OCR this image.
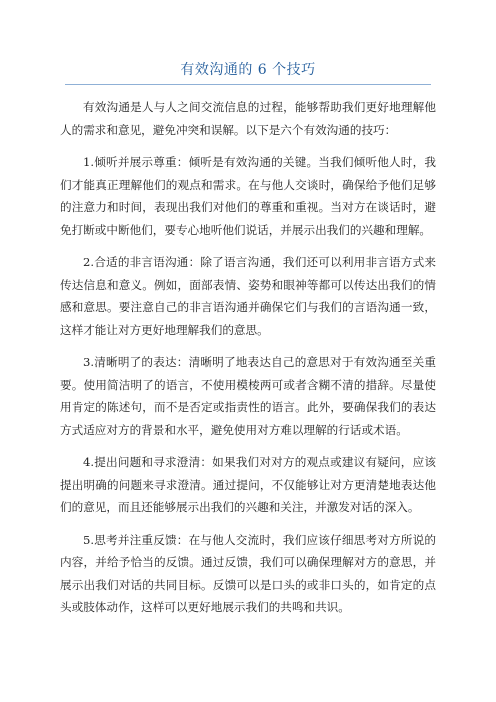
有效沟通的 6 个技巧

有效沟通是人与人之间交流信息的过程，能够帮助我们更好地理解他人的需求和意见，避免冲突和误解。以下是六个有效沟通的技巧：

1.倾听并展示尊重：倾听是有效沟通的关键。当我们倾听他人时，我们才能真正理解他们的观点和需求。在与他人交谈时，确保给予他们足够的注意力和时间，表现出我们对他们的尊重和重视。当对方在谈话时，避免打断或中断他们，要专心地听他们说话，并展示出我们的兴趣和理解。

2.合适的非言语沟通：除了语言沟通，我们还可以利用非言语方式来传达信息和意义。例如，面部表情、姿势和眼神等都可以传达出我们的情感和意思。要注意自己的非言语沟通并确保它们与我们的言语沟通一致，这样才能让对方更好地理解我们的意思。

3.清晰明了的表达：清晰明了地表达自己的意思对于有效沟通至关重要。使用简洁明了的语言，不使用模棱两可或者含糊不清的措辞。尽量使用肯定的陈述句，而不是否定或指责性的语言。此外，要确保我们的表达方式适应对方的背景和水平，避免使用对方难以理解的行话或术语。

4.提出问题和寻求澄清：如果我们对对方的观点或建议有疑问，应该提出明确的问题来寻求澄清。通过提问，不仅能够让对方更清楚地表达他们的意见，而且还能够展示出我们的兴趣和关注，并激发对话的深入。

5.思考并注重反馈：在与他人交流时，我们应该仔细思考对方所说的内容，并给予恰当的反馈。通过反馈，我们可以确保理解对方的意思，并展示出我们对话的共同目标。反馈可以是口头的或非口头的，如肯定的点头或肢体动作，这样可以更好地展示我们的共鸣和共识。
